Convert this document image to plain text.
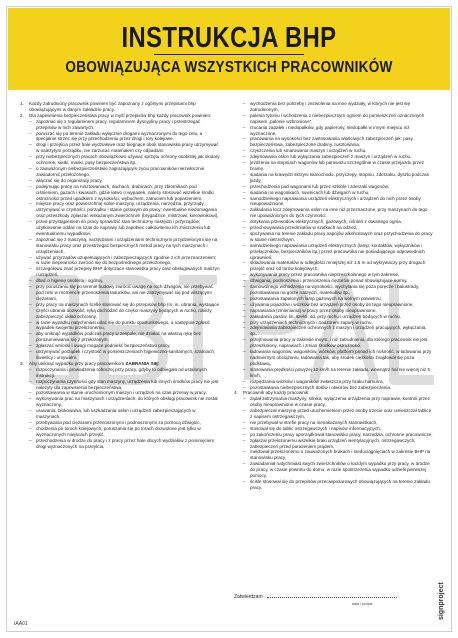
INSTRUKCJA BHP
OBOWIĄZUJĄCA WSZYSTKICH PRACOWNIKÓW
1.	Każdy zatrudniony pracownik powinien być zapoznany z ogólnymi przepisami bhp obowiązującymi w danym zakładzie pracy.
2.	Dla zapewnienia bezpieczeństwa pracy w myśl przepisów bhp każdy pracownik powinien:
– zapoznać się z regulaminem pracy, regulaminem dyscypliny pracy i przestrzegać przepisów w nich zawartych,
– poruszać się po terenie zakładu wyłącznie drogami wyznaczonymi do tego celu, a specjalnie strzec się przy przechodzeniu przez drogi i tory kolejowe,
– drogi i przejścia przez hale wydziałowe oraz biegnące obok stanowiska pracy utrzymywać w należytym porządku, nie zarzucać materiałem czy odpadami,
– przy niebezpiecznych pracach obowiązkowo używać sprzętu ochrony osobistej jak okulary ochronne, siatki, maski, pasy bezpieczeństwa itp.,
– o zauważonym niebezpieczeństwie zagrażającym życiu pracowników niezwłocznie zawiadomić przełożonego,
– włączać się do organizacji pracy,
– podejmując pracę na rusztowaniach, dachach, drabinach, przy zbiornikach pod ciśnieniem, gazach i kwasach, gdzie łatwo o wypadek, należy stosować wszelkie środki ostrożności przed upadkiem z wysokości, wybuchem, zatruciem lub poparzeniem,
– miejsce pracy oraz powierzchnię sobie maszyny, urządzenia, narzędzia, przyrządy, utrzymywać w czystości, porządku i stanie gotowym do pracy; ewentualne niedomagania oraz przeszkody zgłaszać wskazanym zwierzchnim (brygadzice, mistrzowi, kierownikowi),
– przed przystąpieniem do pracy sprawdzić stan techniczny narzędzi i przyrządów; użytkowanie oddać na czas do naprawy lub zapobiec całkowitemu ich zniszczeniu lub ewentualnemu wypadkowi,
– zapoznać się z maszyną, narzędziami i urządzeniami technicznymi przydzielonymi się na stanowisku pracy oraz przestrzegać bezpiecznych metod pracy na tych maszynach i urządzeniach,
– używać przyrządów uzupełniających i zabezpieczających zgodnie z ich przeznaczeniem; w razie niepewności zwrócić się do bezpośredniego przełożonego,
– szczegółowo znać przepisy BHP dotyczące stanowiska pracy oraz obsługiwanych maszyn i urządzeń,
– dbać o higienę osobistą i ogólną,
– przy poruszaniu się po terenie budowy zwrócić uwagę na ruch dźwigów, nie przebywać pod nimi w momencie przenoszenia ładunków, ani nie zatrzymywać się pod wiszącymi ciężarami,
– przy pracy na maszynach ściśle stosować się do przepisów bhp (m. in. ubrania, wystające części ubrania dozwolić, ręką dochodzić do części maszyny będących w ruchu, należy zabezpieczyć układ ochronny,
– w razie wypadku natychmiast udać się do punktu opatrunkowego, a następnie zgłosić wypadek swojemu przełożonemu,
– aby uniknąć wypadków podczas pracy w zespole, nie działać na własną rękę bez porozumiewania się z przełożonym,
– zgłaszać wnioski i uwagi mogące podnieść bezpieczeństwo pracy,
– utrzymywać porządek i czystość w pomieszczeniach higieniczno-sanitarnych, szatniach, świetlicy i umywalni.
3.	Aby uniknąć wypadku przy pracy pracownikom ZABRANIA SIĘ:
– rozpoczynania i prowadzenia roboczej przy pracy, gdyby to odbiegało od ustalonych instrukcji,
– rozpoczynania czynności gdy stan maszyny, urządzenia lub innych środków pracy nie jest należyty dla zapewnienia bezpieczeństwa,
– pozostawiania w stanie uruchomionym maszyn i urządzeń na czas przerwy w pracy,
– wykonywania prac na maszynach i urządzeniach, do których obsługi pracownik nie został wyznaczony,
– usuwania, blokowania, lub uszkadzania osłon i urządzeń zabezpieczających w maszynach,
– przebywania pod ciężarami przenoszonymi i podnoszonymi za pomocą dźwignic,
– chodzenia po torach kolejowych, poruszania się po torach dozwolone jest tylko w wyznaczonych miejscach przejść,
– przechodzenia w drodze do pracy i z pracy przez hale obcych wydziałów z pominięciem drogi wyznaczonych na przejścia,
– wychodzenia bez potrzeby i zezwolenia na inne wydziały, w których nie jest się zatrudnionym,
– palenia tytoniu i wchodzenia z niebezpiecznym ogniem do pomieszczeń oznaczonych napisem „palenie wzbronione”,
– rzucania zapałek i niedopałków, gdy papierosy, niedopałki w innym miejscu niż wyznaczone,
– pracowania na wysokości bez zastosowania właściwych zabezpieczeń jak: pasy bezpieczeństwa, zabezpieczone drabiny, rusztowania,
– czyszczenia lub smarowania maszyn i urządzeń w ruchu,
– zdejmowania osłon lub wyłączania zabezpieczeń z maszyn i urządzeń w ruchu,
– jeżdżenia na stopniach wagonów lub parowozu szczególnie w czasie przejazdu przez bramę,
– siadania na krawędzi skrzyni samochodu, przyczepy, stopniu, zderzaku, dyszlu podczas jazdy,
– przechodzenia pod wagonami lub przez szłoble i zderzaki wagonów,
– siadania na wagonikach, suwnicach lub dźwigach w ruchu,
– samodzielnego naprawiania urządzeń elektrycznych i urządzeń do nich przez osoby nieupoważnione,
– zakładania lecz zdejmowania osłon na inne niż przeznaczone, przy maszynach do tego nie upoważnionym do tych czynności,
– dotykania przewodów elektrycznych, gazowych, ciśnień z otwartego ognia,
– przechowywania przedmiotów w szafkach na odzież,
– spożywania na terenie zakładu pracy napojów alkoholowych oraz przychodzenia do pracy w stanie nietrzeźwym,
– samodzielnego naprawiania urządzeń elektrycznych (lamp, kontaktów, wyłączników i przełączników, bezpieczników itp.) przez pracownika nie posiadającego odpowiednich uprawnień,
– składowania materiałów w odległości mniejszej niż 1,5 m od wykrywaczy przy drogach przejść oraz od torów kolejowych,
– wykonywania pracy przez pracownika nieprzeszkolonego w tym zakresie,
– dźwigania, podnoszenia i przenoszenia ciężarów ponad obowiązujące normy,
– samowolnego wchodzenia na wysokości, wychylania się poza poręcze i balustrady, pozostawiania na górze narzędzi, materiałów itp.,
– pozostawiania zapalonych lamp gazowych na wolnym powietrzu,
– używania pojazdów i wózków bez urządzeń przez osoby do tego nieuprawnione,
– naprawiania (zmieniania) w pracy przez osoby nieuprawnione,
– zakładania pasów, lin, szekli, itd. przy ruchu i urządzeń będących w ruchu,
– przy urządzeniach technicznych i nadzorem zapory w ruchu,
– zdejmowania zabezpieczeń ochronnych z maszyn i urządzeń pracujących, wyłączania, itp.,
– przejmowania pracy w zakresie innym, i niż zatrudnienia, dla którego pracownik nie jest przeszkolony, naprawach i zmian środków ostrożności,
– ładowania wagonów, wagoników, wózków, platform ponad ich nośność, w ładowaniu przy nadmiernym obciążeniu, ładowania tak, aby środek ciężkości znajdował się poza podstawą,
– stosowania prędkości powyżej 10 km/h na terenie zakładu, wewnątrz hal nie więcej niż 5 km/h,
– rozpędzania wózków i wagoników zwłaszcza przy braku hamulca,
– pozostawiania niebezpiecznych dołów i otworów bez zabezpieczenia.
4.	Pracownik aby każdy pracownik:
– żądał zatrzymania maszyny, silnika, wyłączenia urządzenia przy naprawie, kontroli przez osoby nieuprawnione w czasie pracy,
– zabezpieczał maszynę przed uruchomieniem przez osoby trzecie oraz umieszczał tablice z napisem ostrzegawczym,
– nie przebywał w strefie pracy na nienakazanych stanowiskach,
– stosował się do tablic ostrzegawczych i napisów informacyjnych,
– po zakończeniu pracy uporządkował stanowisko pracy, narzędzia, ochronne pracownicze,
– zgłaszał przełożonemu wszelkie braki urządzeń wentylacyjnych, ostrzegawczych, zabezpieczeń przed porażeniem prądem,
– meldował przełożonemu o zauważonych brakach i niedociągnięciach w zakresie BHP na stanowisku pracy,
– zawiadamiał natychmiast swych zwierzchników o każdym wypadku przy pracy, w drodze do pracy, w czasie powrotu do domu; w razie spostrzeżenia wypadku udzielił pierwszej pomocy,
– ściśle stosował się do przepisów przeciwpożarowych obowiązujących na terenie zakładu pracy.
Zatwierdzam
data i podpis
IAA01
signproject
